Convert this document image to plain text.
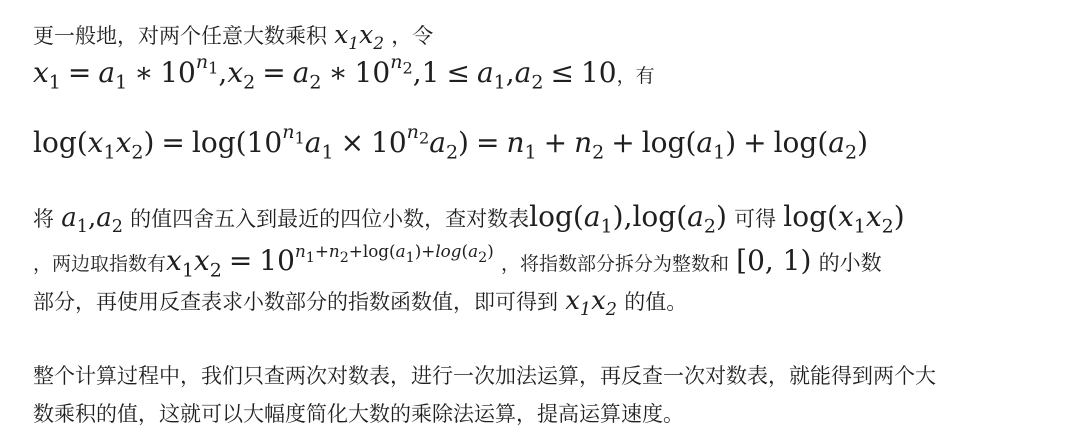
更一般地，对两个任意大数乘积 $x_1x_2$ ，令
$x_1 = a_1$ ∗ $10^{n_1},x_2 = a_2$ ∗ $10^{n_2},1 \le a_1,a_2 \le 10$ ，有
$\log(x_1x_2) = \log(10^{n_1}a_1 \times 10^{n_2}a_2) = n_1 + n_2 + \log(a_1) + \log(a_2)$
将 $a_1,a_2$ 的值四舍五入到最近的四位小数，查对数表 $\log(a_1),\log(a_2)$ 可得 $\log(x_1x_2)$
，两边取指数有 $x_1x_2 = 10^{n_1+n_2+log(a_1)+log(a_2)}$
，将指数部分拆分为整数和 [0, 1) 的小数
部分，再使用反查表求小数部分的指数函数值，即可得到 $x_1x_2$ 的值。
整个计算过程中，我们只查两次对数表，进行一次加法运算，再反查一次对数表，就能得到两个大
数乘积的值，这就可以大幅度简化大数的乘除法运算，提高运算速度。
